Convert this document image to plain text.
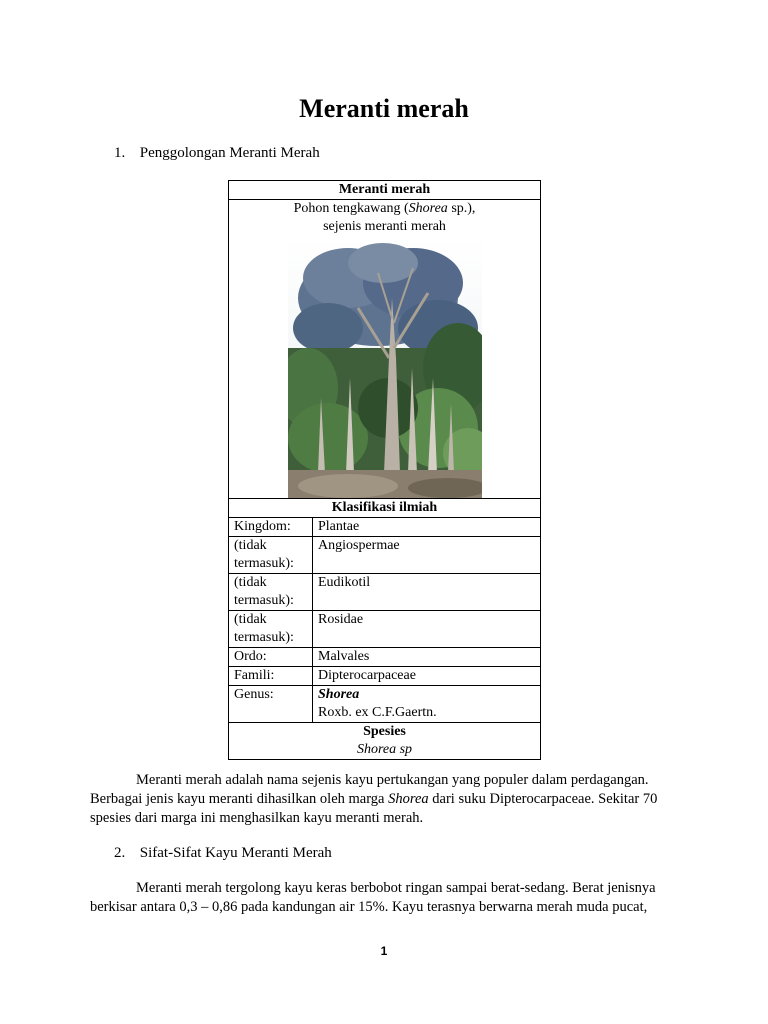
Meranti merah
1. Penggolongan Meranti Merah
Meranti merah	

Pohon tengkawang (Shorea sp.),
sejenis meranti merah	

Klasifikasi ilmiah	
Kingdom:	Plantae
(tidak termasuk):	Angiospermae
(tidak termasuk):	Eudikotil
(tidak termasuk):	Rosidae
Ordo:	Malvales
Famili:	Dipterocarpaceae
Genus:	Shorea
Roxb. ex C.F.Gaertn.

Spesies
Shorea sp	

Meranti merah adalah nama sejenis kayu pertukangan yang populer dalam perdagangan. Berbagai jenis kayu meranti dihasilkan oleh marga Shorea dari suku Dipterocarpaceae. Sekitar 70 spesies dari marga ini menghasilkan kayu meranti merah.

2. Sifat-Sifat Kayu Meranti Merah

Meranti merah tergolong kayu keras berbobot ringan sampai berat-sedang. Berat jenisnya berkisar antara 0,3 – 0,86 pada kandungan air 15%. Kayu terasnya berwarna merah muda pucat,

1
